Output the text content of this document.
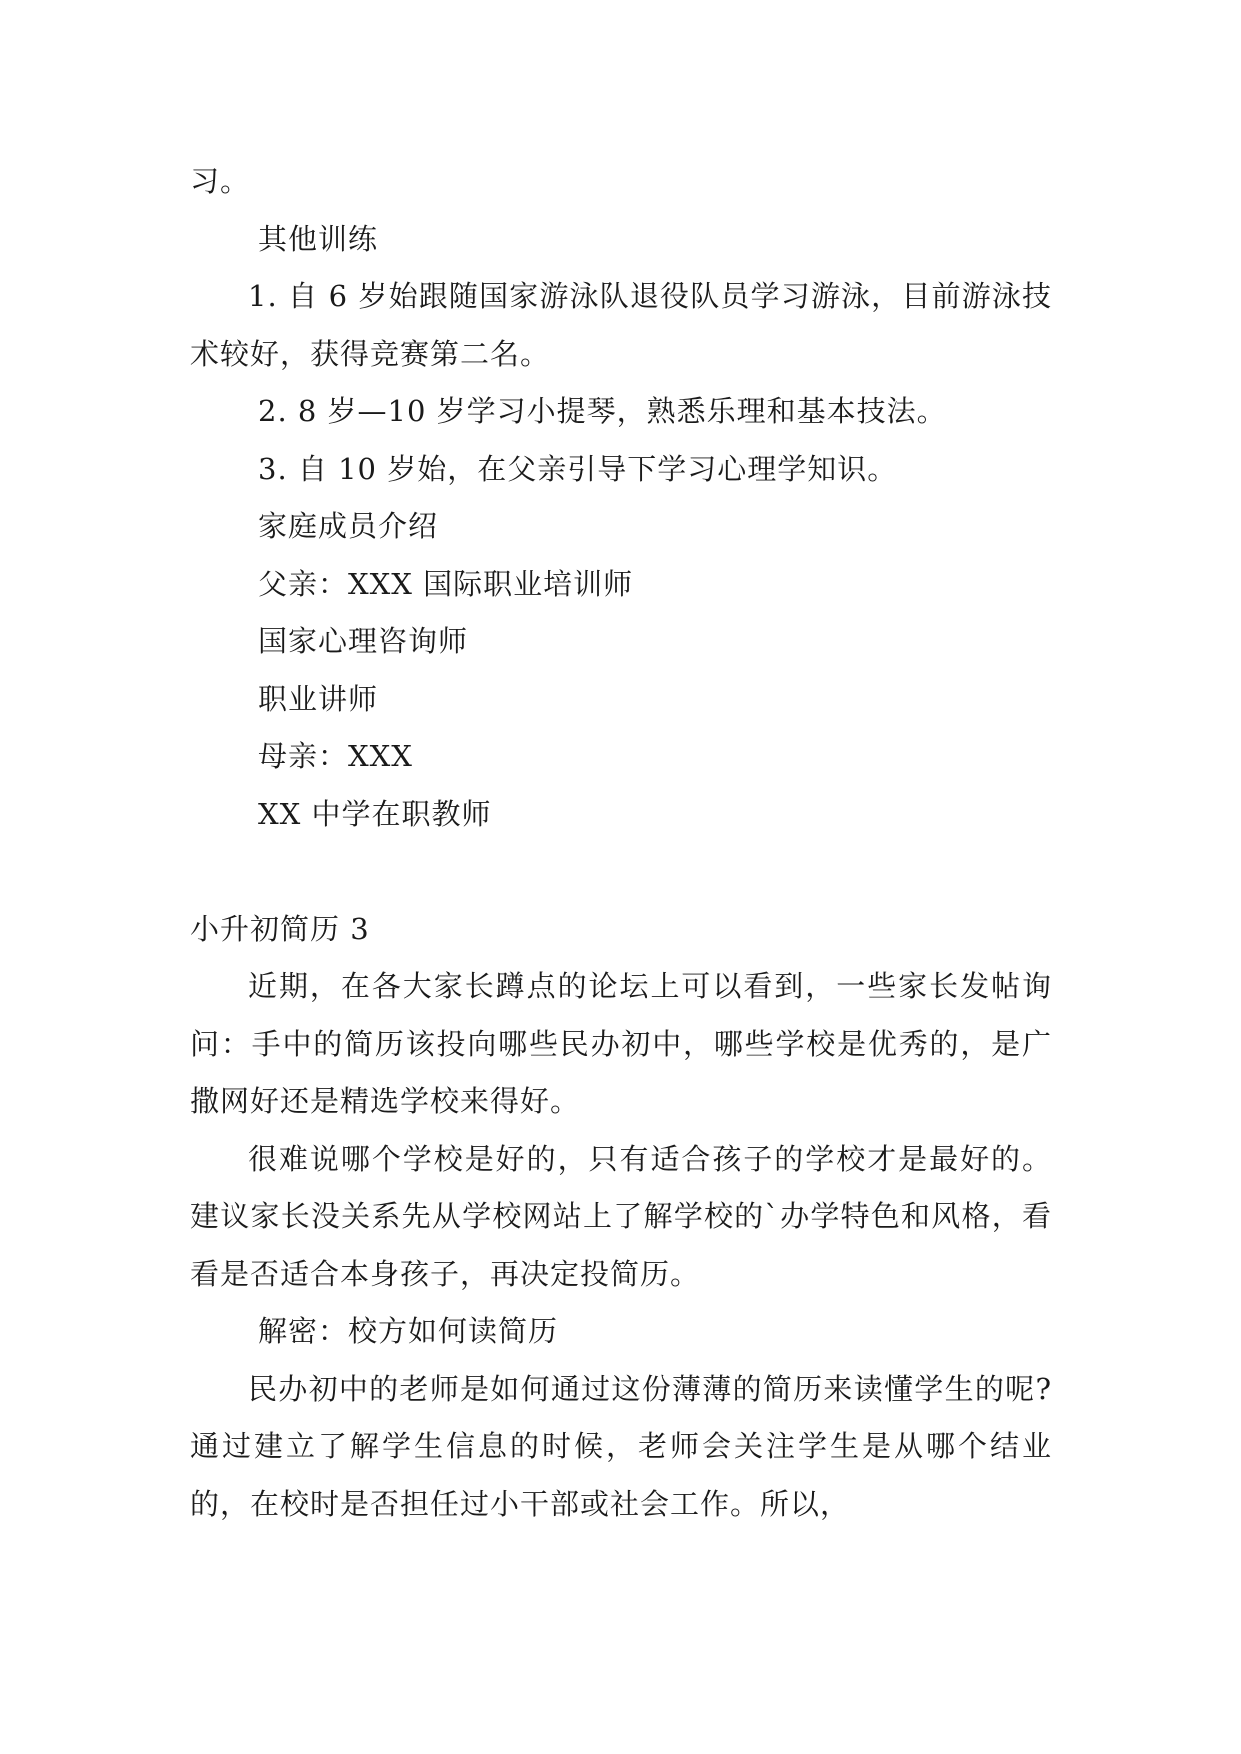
习。
其他训练
1. 自 6 岁始跟随国家游泳队退役队员学习游泳，目前游泳技术较好，获得竞赛第二名。
2. 8 岁—10 岁学习小提琴，熟悉乐理和基本技法。
3. 自 10 岁始，在父亲引导下学习心理学知识。
家庭成员介绍
父亲：XXX 国际职业培训师
国家心理咨询师
职业讲师
母亲：XXX
XX 中学在职教师
小升初简历 3
近期，在各大家长蹲点的论坛上可以看到，一些家长发帖询问：手中的简历该投向哪些民办初中，哪些学校是优秀的，是广撒网好还是精选学校来得好。
很难说哪个学校是好的，只有适合孩子的学校才是最好的。建议家长没关系先从学校网站上了解学校的`办学特色和风格，看看是否适合本身孩子，再决定投简历。
解密：校方如何读简历
民办初中的老师是如何通过这份薄薄的简历来读懂学生的呢?通过建立了解学生信息的时候，老师会关注学生是从哪个结业的，在校时是否担任过小干部或社会工作。所以，
